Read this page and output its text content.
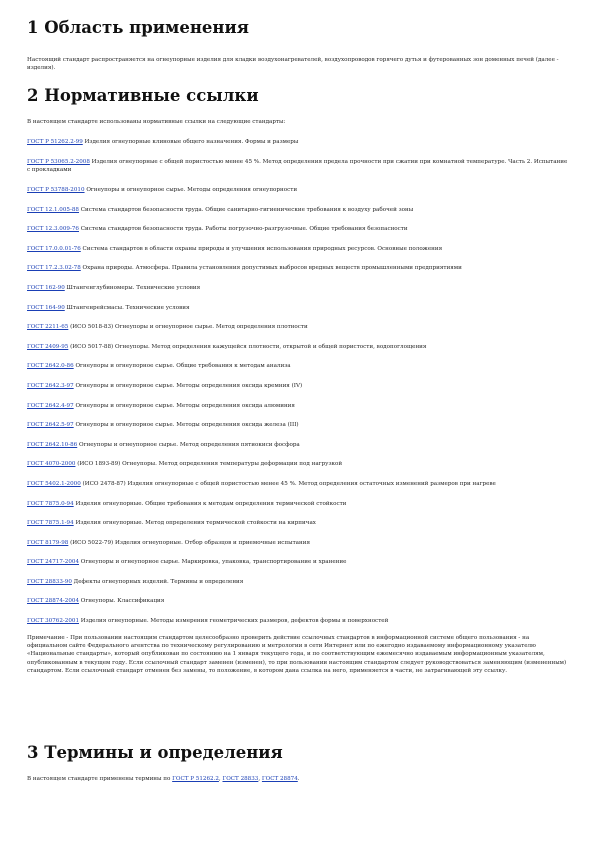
1 Область применения

Настоящий стандарт распространяется на огнеупорные изделия для кладки воздухонагревателей, воздухопроводов горячего дутья и футерованных зон доменных печей (далее - изделия).

2 Нормативные ссылки

В настоящем стандарте использованы нормативные ссылки на следующие стандарты:

ГОСТ Р 51262.2-99 Изделия огнеупорные клиновые общего назначения. Формы и размеры

ГОСТ Р 53065.2-2008 Изделия огнеупорные с общей пористостью менее 45 %. Метод определения предела прочности при сжатии при комнатной температуре. Часть 2. Испытание с прокладками

ГОСТ Р 53788-2010 Огнеупоры и огнеупорное сырье. Методы определения огнеупорности

ГОСТ 12.1.005-88 Система стандартов безопасности труда. Общие санитарно-гигиенические требования к воздуху рабочей зоны

ГОСТ 12.3.009-76 Система стандартов безопасности труда. Работы погрузочно-разгрузочные. Общие требования безопасности

ГОСТ 17.0.0.01-76 Система стандартов в области охраны природы и улучшения использования природных ресурсов. Основные положения

ГОСТ 17.2.3.02-78 Охрана природы. Атмосфера. Правила установления допустимых выбросов вредных веществ промышленными предприятиями

ГОСТ 162-90 Штангенглубиномеры. Технические условия

ГОСТ 164-90 Штангенрейсмасы. Технические условия

ГОСТ 2211-65 (ИСО 5018-83) Огнеупоры и огнеупорное сырье. Метод определения плотности

ГОСТ 2409-95 (ИСО 5017-88) Огнеупоры. Метод определения кажущейся плотности, открытой и общей пористости, водопоглощения

ГОСТ 2642.0-86 Огнеупоры и огнеупорное сырье. Общие требования к методам анализа

ГОСТ 2642.3-97 Огнеупоры и огнеупорное сырье. Методы определения оксида кремния (IV)

ГОСТ 2642.4-97 Огнеупоры и огнеупорное сырье. Методы определения оксида алюминия

ГОСТ 2642.5-97 Огнеупоры и огнеупорное сырье. Методы определения оксида железа (III)

ГОСТ 2642.10-86 Огнеупоры и огнеупорное сырье. Метод определения пятиокиси фосфора

ГОСТ 4070-2000 (ИСО 1893-89) Огнеупоры. Метод определения температуры деформации под нагрузкой

ГОСТ 5402.1-2000 (ИСО 2478-87) Изделия огнеупорные с общей пористостью менее 45 %. Метод определения остаточных изменений размеров при нагреве

ГОСТ 7875.0-94 Изделия огнеупорные. Общие требования к методам определения термической стойкости

ГОСТ 7875.1-94 Изделия огнеупорные. Метод определения термической стойкости на кирпичах

ГОСТ 8179-98 (ИСО 5022-79) Изделия огнеупорные. Отбор образцов и приемочные испытания

ГОСТ 24717-2004 Огнеупоры и огнеупорное сырье. Маркировка, упаковка, транспортирование и хранение

ГОСТ 28833-90 Дефекты огнеупорных изделий. Термины и определения

ГОСТ 28874-2004 Огнеупоры. Классификация

ГОСТ 30762-2001 Изделия огнеупорные. Методы измерения геометрических размеров, дефектов формы и поверхностей

Примечание - При пользовании настоящим стандартом целесообразно проверить действие ссылочных стандартов в информационной системе общего пользования - на официальном сайте Федерального агентства по техническому регулированию и метрологии в сети Интернет или по ежегодно издаваемому информационному указателю «Национальные стандарты», который опубликован по состоянию на 1 января текущего года, и по соответствующим ежемесячно издаваемым информационным указателям, опубликованным в текущем году. Если ссылочный стандарт заменен (изменен), то при пользовании настоящим стандартом следует руководствоваться заменяющим (измененным) стандартом. Если ссылочный стандарт отменен без замены, то положение, в котором дана ссылка на него, применяется в части, не затрагивающей эту ссылку.

3 Термины и определения

В настоящем стандарте применены термины по ГОСТ Р 51262.2, ГОСТ 28833, ГОСТ 28874.
